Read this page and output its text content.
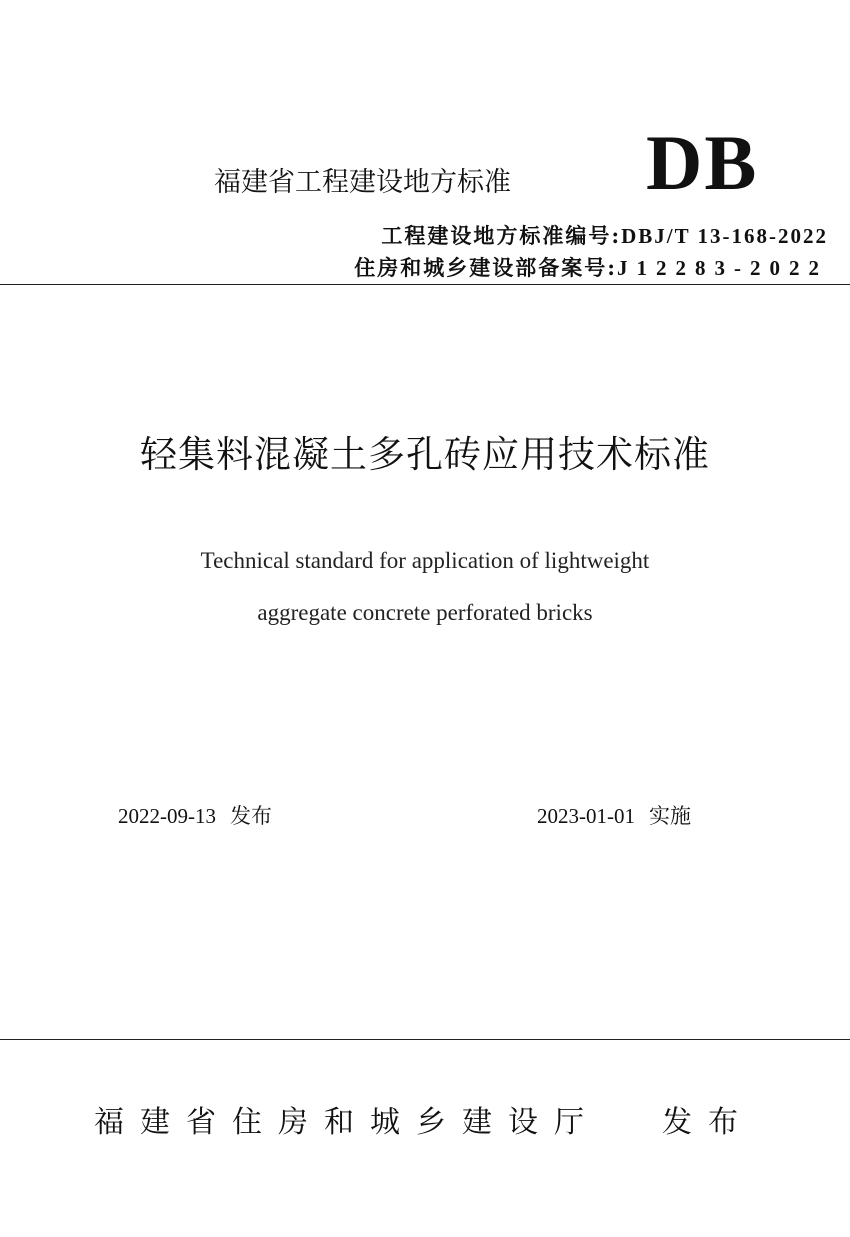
福建省工程建设地方标准 DB
工程建设地方标准编号:DBJ/T 13-168-2022
住房和城乡建设部备案号:J12283-2022
轻集料混凝土多孔砖应用技术标准
Technical standard for application of lightweight
aggregate concrete perforated bricks
2022-09-13 发布	2023-01-01 实施
福建省住房和城乡建设厅 发布
